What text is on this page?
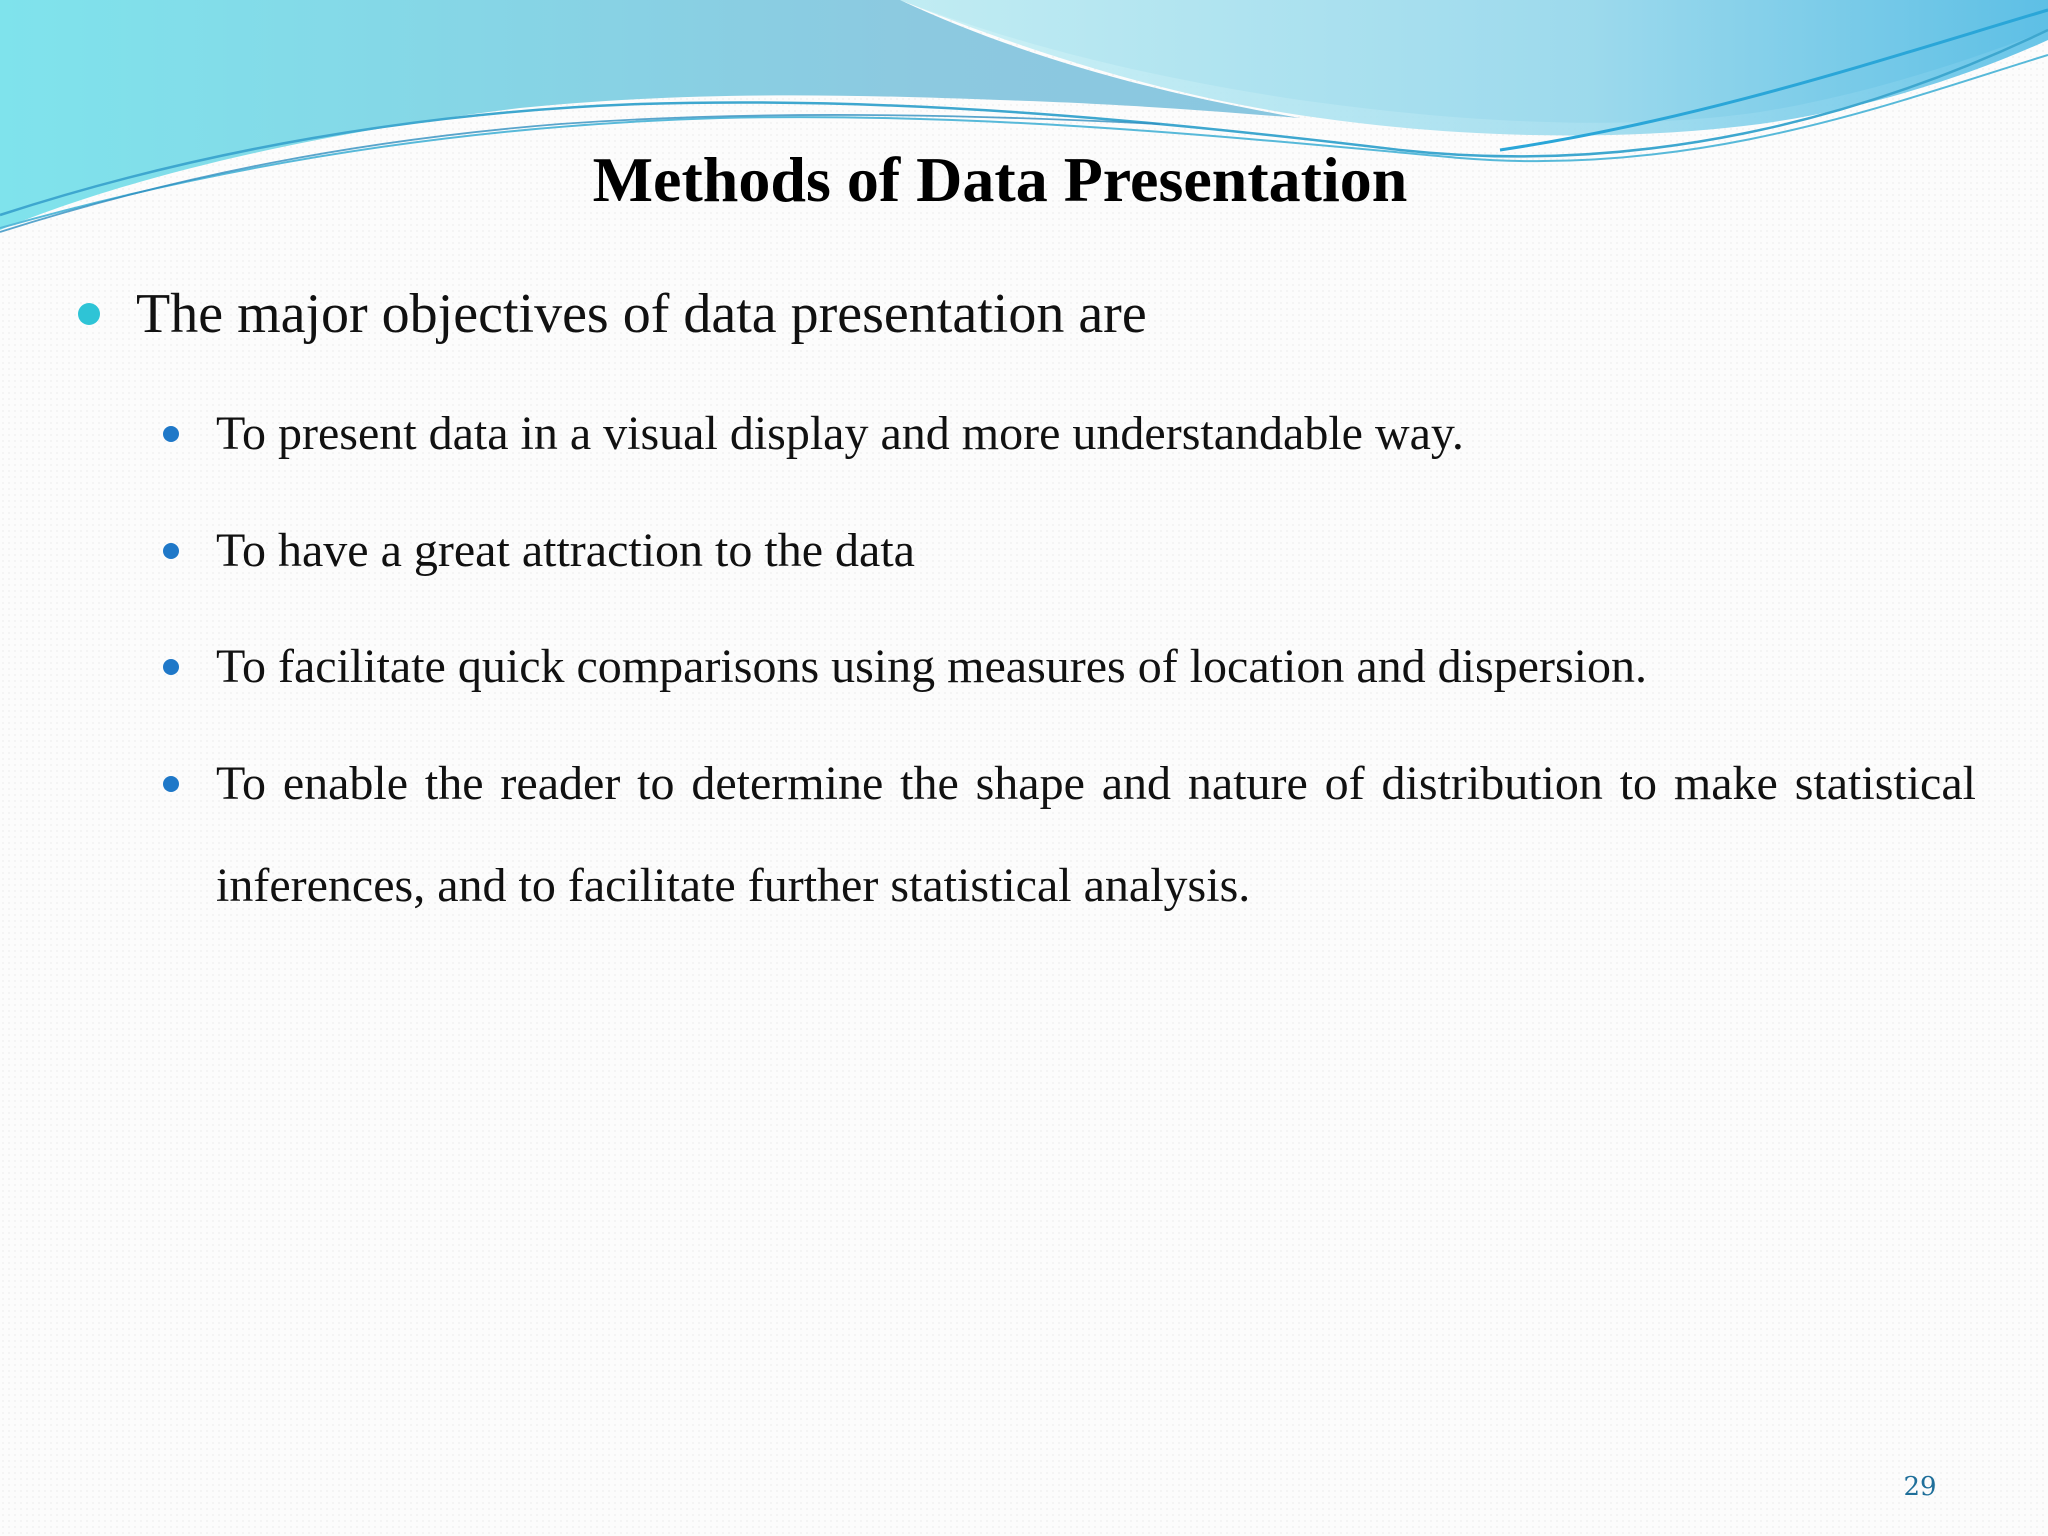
Methods of Data Presentation
The major objectives of data presentation are
To present data in a visual display and more understandable way.
To have a great attraction to the data
To facilitate quick comparisons using measures of location and dispersion.
To enable the reader to determine the shape and nature of distribution to make statistical inferences, and to facilitate further statistical analysis.
29
